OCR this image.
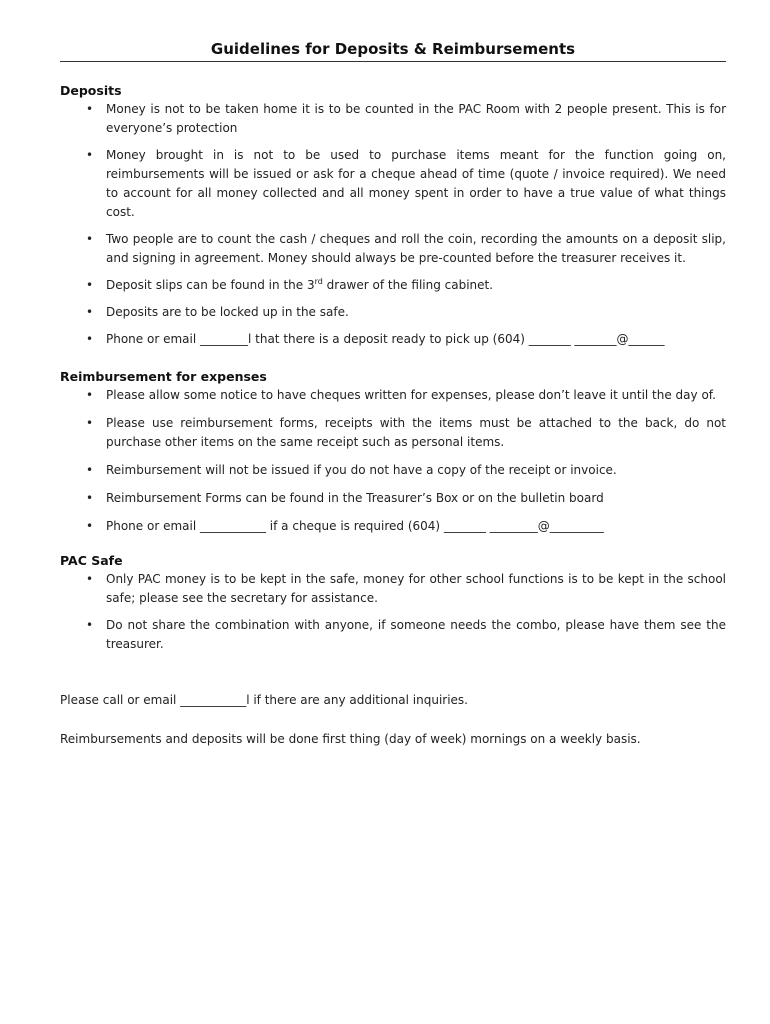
Guidelines for Deposits & Reimbursements
Deposits
• Money is not to be taken home it is to be counted in the PAC Room with 2 people present. This is for everyone’s protection
• Money brought in is not to be used to purchase items meant for the function going on, reimbursements will be issued or ask for a cheque ahead of time (quote / invoice required). We need to account for all money collected and all money spent in order to have a true value of what things cost.
• Two people are to count the cash / cheques and roll the coin, recording the amounts on a deposit slip, and signing in agreement. Money should always be pre-counted before the treasurer receives it.
• Deposit slips can be found in the 3rd drawer of the filing cabinet.
• Deposits are to be locked up in the safe.
• Phone or email ________l that there is a deposit ready to pick up (604) _______ _______@______
Reimbursement for expenses
• Please allow some notice to have cheques written for expenses, please don’t leave it until the day of.
• Please use reimbursement forms, receipts with the items must be attached to the back, do not purchase other items on the same receipt such as personal items.
• Reimbursement will not be issued if you do not have a copy of the receipt or invoice.
• Reimbursement Forms can be found in the Treasurer’s Box or on the bulletin board
• Phone or email ___________ if a cheque is required (604) _______ ________@_________
PAC Safe
• Only PAC money is to be kept in the safe, money for other school functions is to be kept in the school safe; please see the secretary for assistance.
• Do not share the combination with anyone, if someone needs the combo, please have them see the treasurer.
Please call or email ___________l if there are any additional inquiries.
Reimbursements and deposits will be done first thing (day of week) mornings on a weekly basis.
